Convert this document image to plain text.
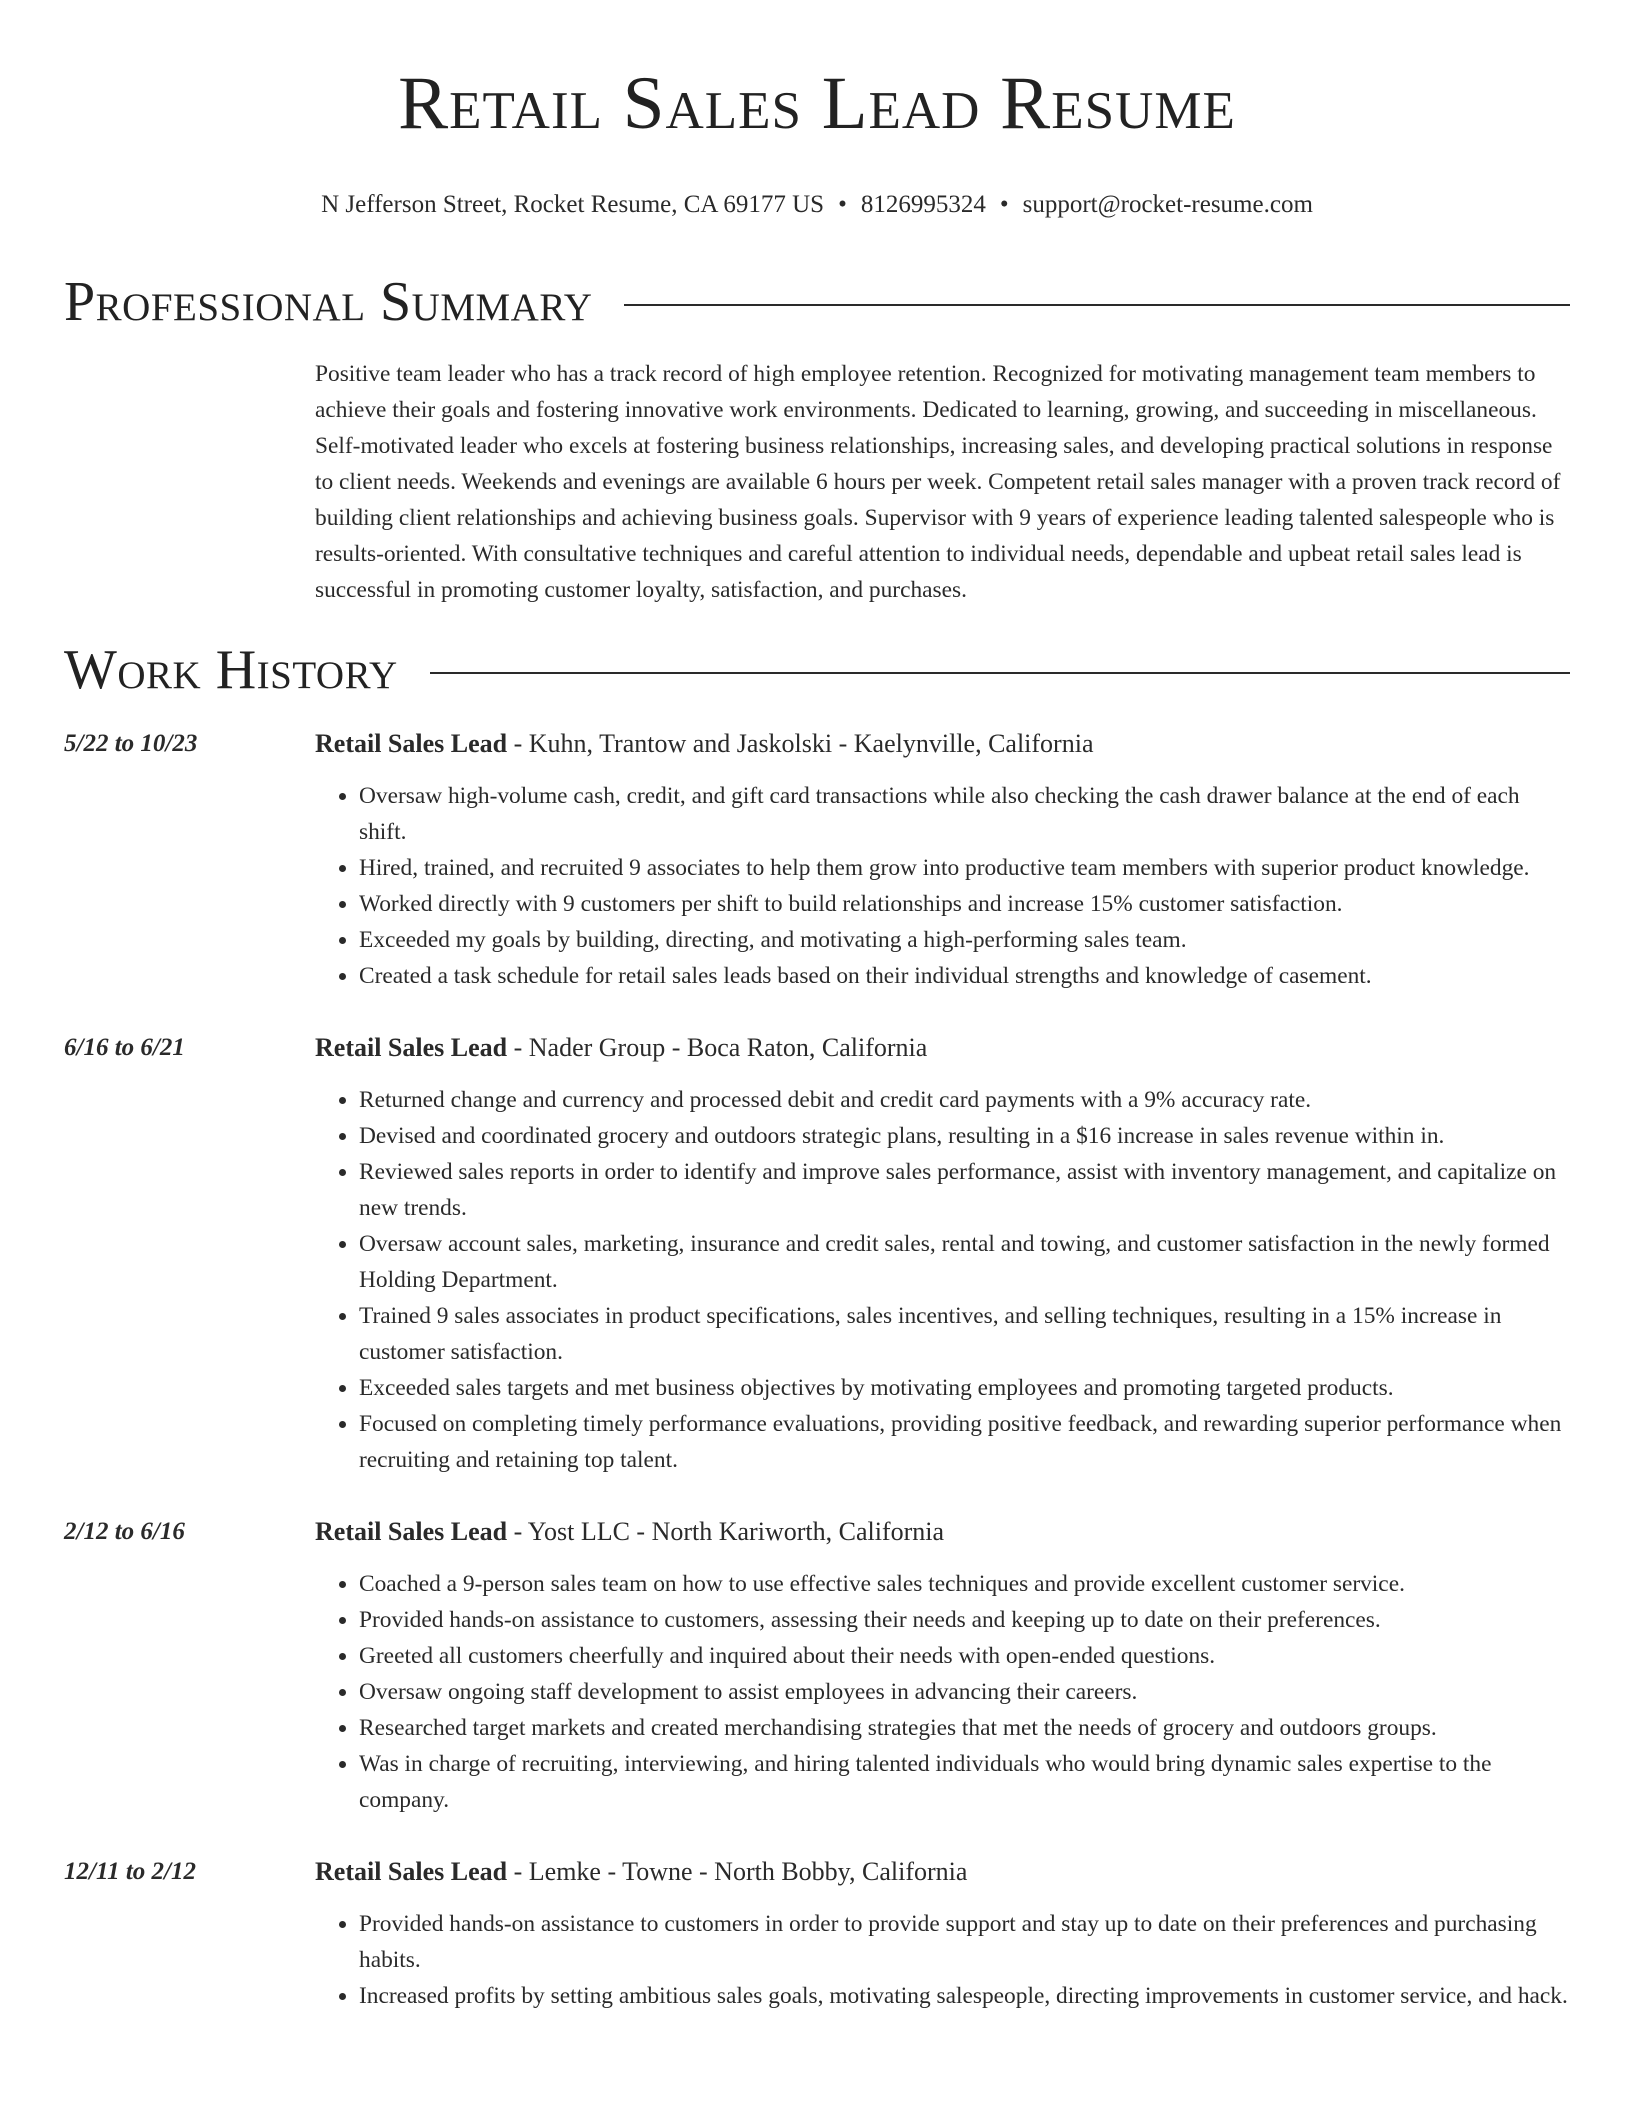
Retail Sales Lead Resume
N Jefferson Street, Rocket Resume, CA 69177 US • 8126995324 • support@rocket-resume.com
Professional Summary
Positive team leader who has a track record of high employee retention. Recognized for motivating management team members to achieve their goals and fostering innovative work environments. Dedicated to learning, growing, and succeeding in miscellaneous. Self-motivated leader who excels at fostering business relationships, increasing sales, and developing practical solutions in response to client needs. Weekends and evenings are available 6 hours per week. Competent retail sales manager with a proven track record of building client relationships and achieving business goals. Supervisor with 9 years of experience leading talented salespeople who is results-oriented. With consultative techniques and careful attention to individual needs, dependable and upbeat retail sales lead is successful in promoting customer loyalty, satisfaction, and purchases.
Work History
5/22 to 10/23	Retail Sales Lead - Kuhn, Trantow and Jaskolski - Kaelynville, California
• Oversaw high-volume cash, credit, and gift card transactions while also checking the cash drawer balance at the end of each shift.
• Hired, trained, and recruited 9 associates to help them grow into productive team members with superior product knowledge.
• Worked directly with 9 customers per shift to build relationships and increase 15% customer satisfaction.
• Exceeded my goals by building, directing, and motivating a high-performing sales team.
• Created a task schedule for retail sales leads based on their individual strengths and knowledge of casement.
6/16 to 6/21	Retail Sales Lead - Nader Group - Boca Raton, California
• Returned change and currency and processed debit and credit card payments with a 9% accuracy rate.
• Devised and coordinated grocery and outdoors strategic plans, resulting in a $16 increase in sales revenue within in.
• Reviewed sales reports in order to identify and improve sales performance, assist with inventory management, and capitalize on new trends.
• Oversaw account sales, marketing, insurance and credit sales, rental and towing, and customer satisfaction in the newly formed Holding Department.
• Trained 9 sales associates in product specifications, sales incentives, and selling techniques, resulting in a 15% increase in customer satisfaction.
• Exceeded sales targets and met business objectives by motivating employees and promoting targeted products.
• Focused on completing timely performance evaluations, providing positive feedback, and rewarding superior performance when recruiting and retaining top talent.
2/12 to 6/16	Retail Sales Lead - Yost LLC - North Kariworth, California
• Coached a 9-person sales team on how to use effective sales techniques and provide excellent customer service.
• Provided hands-on assistance to customers, assessing their needs and keeping up to date on their preferences.
• Greeted all customers cheerfully and inquired about their needs with open-ended questions.
• Oversaw ongoing staff development to assist employees in advancing their careers.
• Researched target markets and created merchandising strategies that met the needs of grocery and outdoors groups.
• Was in charge of recruiting, interviewing, and hiring talented individuals who would bring dynamic sales expertise to the company.
12/11 to 2/12	Retail Sales Lead - Lemke - Towne - North Bobby, California
• Provided hands-on assistance to customers in order to provide support and stay up to date on their preferences and purchasing habits.
• Increased profits by setting ambitious sales goals, motivating salespeople, directing improvements in customer service, and hack.
